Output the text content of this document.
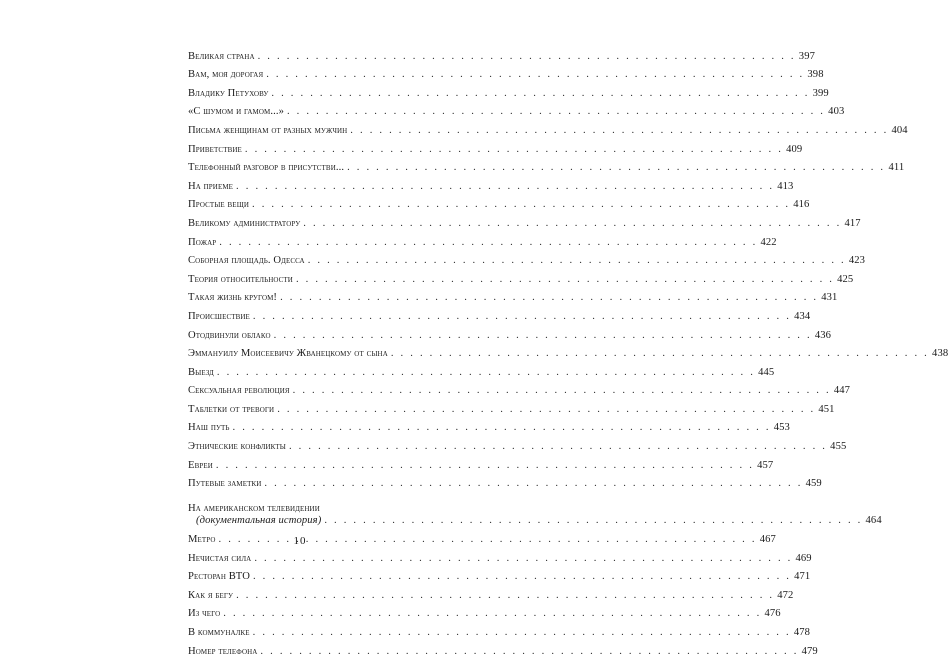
Великая страна . . .	397
Вам, моя дорогая . . .	398
Владику Петухову . . .	399
«С шумом и гамом...» . . .	403
Письма женщинам от разных мужчин . . .	404
Приветствие . . .	409
Телефонный разговор в присутстви... . . .	411
На приеме . . .	413
Простые вещи . . .	416
Великому администратору . . .	417
Пожар . . .	422
Соборная площадь. Одесса . . .	423
Теория относительности . . .	425
Такая жизнь кругом! . . .	431
Происшествие . . .	434
Отодвинули облако . . .	436
Эммануилу Моисеевичу Жванецкому от сына . . .	438
Выезд . . .	445
Сексуальная революция . . .	447
Таблетки от тревоги . . .	451
Наш путь . . .	453
Этнические конфликты . . .	455
Евреи . . .	457
Путевые заметки . . .	459
На американском телевидении
(документальная история) . . .	464
Метро . . .	467
Нечистая сила . . .	469
Ресторан ВТО . . .	471
Как я бегу . . .	472
Из чего . . .	476
В коммуналке . . .	478
Номер телефона . . .	479
10
